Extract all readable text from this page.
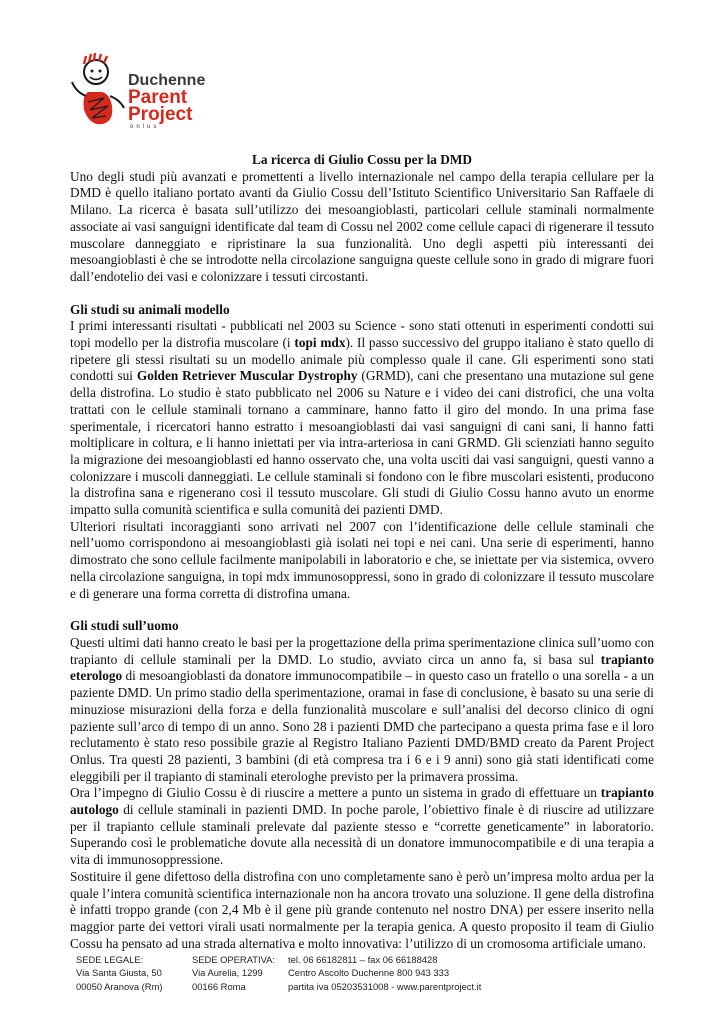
Duchenne
Parent
Project
onlus

La ricerca di Giulio Cossu per la DMD

Uno degli studi più avanzati e promettenti a livello internazionale nel campo della terapia cellulare per la DMD è quello italiano portato avanti da Giulio Cossu dell’Istituto Scientifico Universitario San Raffaele di Milano. La ricerca è basata sull’utilizzo dei mesoangioblasti, particolari cellule staminali normalmente associate ai vasi sanguigni identificate dal team di Cossu nel 2002 come cellule capaci di rigenerare il tessuto muscolare danneggiato e ripristinare la sua funzionalità. Uno degli aspetti più interessanti dei mesoangioblasti è che se introdotte nella circolazione sanguigna queste cellule sono in grado di migrare fuori dall’endotelio dei vasi e colonizzare i tessuti circostanti.

Gli studi su animali modello

I primi interessanti risultati - pubblicati nel 2003 su Science - sono stati ottenuti in esperimenti condotti sui topi modello per la distrofia muscolare (i topi mdx). Il passo successivo del gruppo italiano è stato quello di ripetere gli stessi risultati su un modello animale più complesso quale il cane. Gli esperimenti sono stati condotti sui Golden Retriever Muscular Dystrophy (GRMD), cani che presentano una mutazione sul gene della distrofina. Lo studio è stato pubblicato nel 2006 su Nature e i video dei cani distrofici, che una volta trattati con le cellule staminali tornano a camminare, hanno fatto il giro del mondo. In una prima fase sperimentale, i ricercatori hanno estratto i mesoangioblasti dai vasi sanguigni di cani sani, li hanno fatti moltiplicare in coltura, e li hanno iniettati per via intra-arteriosa in cani GRMD. Gli scienziati hanno seguito la migrazione dei mesoangioblasti ed hanno osservato che, una volta usciti dai vasi sanguigni, questi vanno a colonizzare i muscoli danneggiati. Le cellule staminali si fondono con le fibre muscolari esistenti, producono la distrofina sana e rigenerano così il tessuto muscolare. Gli studi di Giulio Cossu hanno avuto un enorme impatto sulla comunità scientifica e sulla comunità dei pazienti DMD.

Ulteriori risultati incoraggianti sono arrivati nel 2007 con l’identificazione delle cellule staminali che nell’uomo corrispondono ai mesoangioblasti già isolati nei topi e nei cani. Una serie di esperimenti, hanno dimostrato che sono cellule facilmente manipolabili in laboratorio e che, se iniettate per via sistemica, ovvero nella circolazione sanguigna, in topi mdx immunosoppressi, sono in grado di colonizzare il tessuto muscolare e di generare una forma corretta di distrofina umana.

Gli studi sull’uomo

Questi ultimi dati hanno creato le basi per la progettazione della prima sperimentazione clinica sull’uomo con trapianto di cellule staminali per la DMD. Lo studio, avviato circa un anno fa, si basa sul trapianto eterologo di mesoangioblasti da donatore immunocompatibile – in questo caso un fratello o una sorella - a un paziente DMD. Un primo stadio della sperimentazione, oramai in fase di conclusione, è basato su una serie di minuziose misurazioni della forza e della funzionalità muscolare e sull’analisi del decorso clinico di ogni paziente sull’arco di tempo di un anno. Sono 28 i pazienti DMD che partecipano a questa prima fase e il loro reclutamento è stato reso possibile grazie al Registro Italiano Pazienti DMD/BMD creato da Parent Project Onlus. Tra questi 28 pazienti, 3 bambini (di età compresa tra i 6 e i 9 anni) sono già stati identificati come eleggibili per il trapianto di staminali eterologhe previsto per la primavera prossima.

Ora l’impegno di Giulio Cossu è di riuscire a mettere a punto un sistema in grado di effettuare un trapianto autologo di cellule staminali in pazienti DMD. In poche parole, l’obiettivo finale è di riuscire ad utilizzare per il trapianto cellule staminali prelevate dal paziente stesso e “corrette geneticamente” in laboratorio. Superando così le problematiche dovute alla necessità di un donatore immunocompatibile e di una terapia a vita di immunosoppressione.

Sostituire il gene difettoso della distrofina con uno completamente sano è però un’impresa molto ardua per la quale l’intera comunità scientifica internazionale non ha ancora trovato una soluzione. Il gene della distrofina è infatti troppo grande (con 2,4 Mb è il gene più grande contenuto nel nostro DNA) per essere inserito nella maggior parte dei vettori virali usati normalmente per la terapia genica. A questo proposito il team di Giulio Cossu ha pensato ad una strada alternativa e molto innovativa: l’utilizzo di un cromosoma artificiale umano.

SEDE LEGALE:
Via Santa Giusta, 50
00050 Aranova (Rm)
SEDE OPERATIVA:
Via Aurelia, 1299
00166 Roma
tel. 06 66182811 – fax 06 66188428
Centro Ascolto Duchenne 800 943 333
partita iva 05203531008 - www.parentproject.it
